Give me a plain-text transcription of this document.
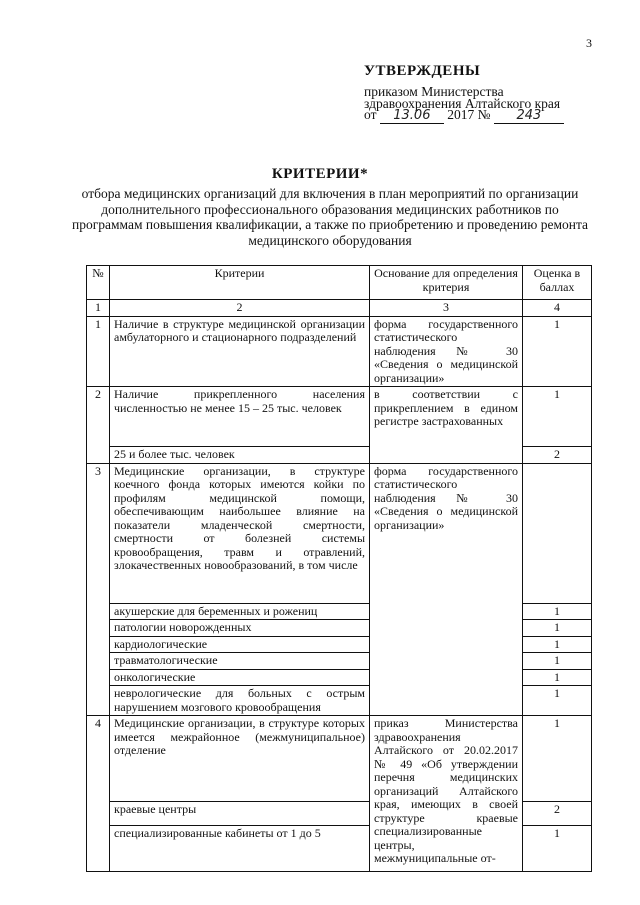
3
УТВЕРЖДЕНЫ
приказом Министерства
здравоохранения Алтайского края
от 13.06 2017 № 243
КРИТЕРИИ*
отбора медицинских организаций для включения в план мероприятий по организации дополнительного профессионального образования медицинских работников по программам повышения квалификации, а также по приобретению и проведению ремонта медицинского оборудования
№	Критерии	Основание для определения критерия	Оценка в баллах
1	2	3	4
1	Наличие в структуре медицинской организации амбулаторного и стационарного подразделений	форма государственного статистического наблюдения № 30 «Сведения о медицинской организации»	1
2	Наличие прикрепленного населения численностью не менее 15 – 25 тыс. человек	в соответствии с прикреплением в едином регистре застрахованных	1
	25 и более тыс. человек		2
3	Медицинские организации, в структуре коечного фонда которых имеются койки по профилям медицинской помощи, обеспечивающим наибольшее влияние на показатели младенческой смертности, смертности от болезней системы кровообращения, травм и отравлений, злокачественных новообразований, в том числе	форма государственного статистического наблюдения № 30 «Сведения о медицинской организации»	
	акушерские для беременных и рожениц		1
	патологии новорожденных		1
	кардиологические		1
	травматологические		1
	онкологические		1
	неврологические для больных с острым нарушением мозгового кровообращения		1
4	Медицинские организации, в структуре которых имеется межрайонное (межмуниципальное) отделение	приказ Министерства здравоохранения Алтайского от 20.02.2017 № 49 «Об утверждении перечня медицинских организаций Алтайского края, имеющих в своей структуре краевые специализированные центры, межмуниципальные от-	1
	краевые центры		2
	специализированные кабинеты от 1 до 5		1
